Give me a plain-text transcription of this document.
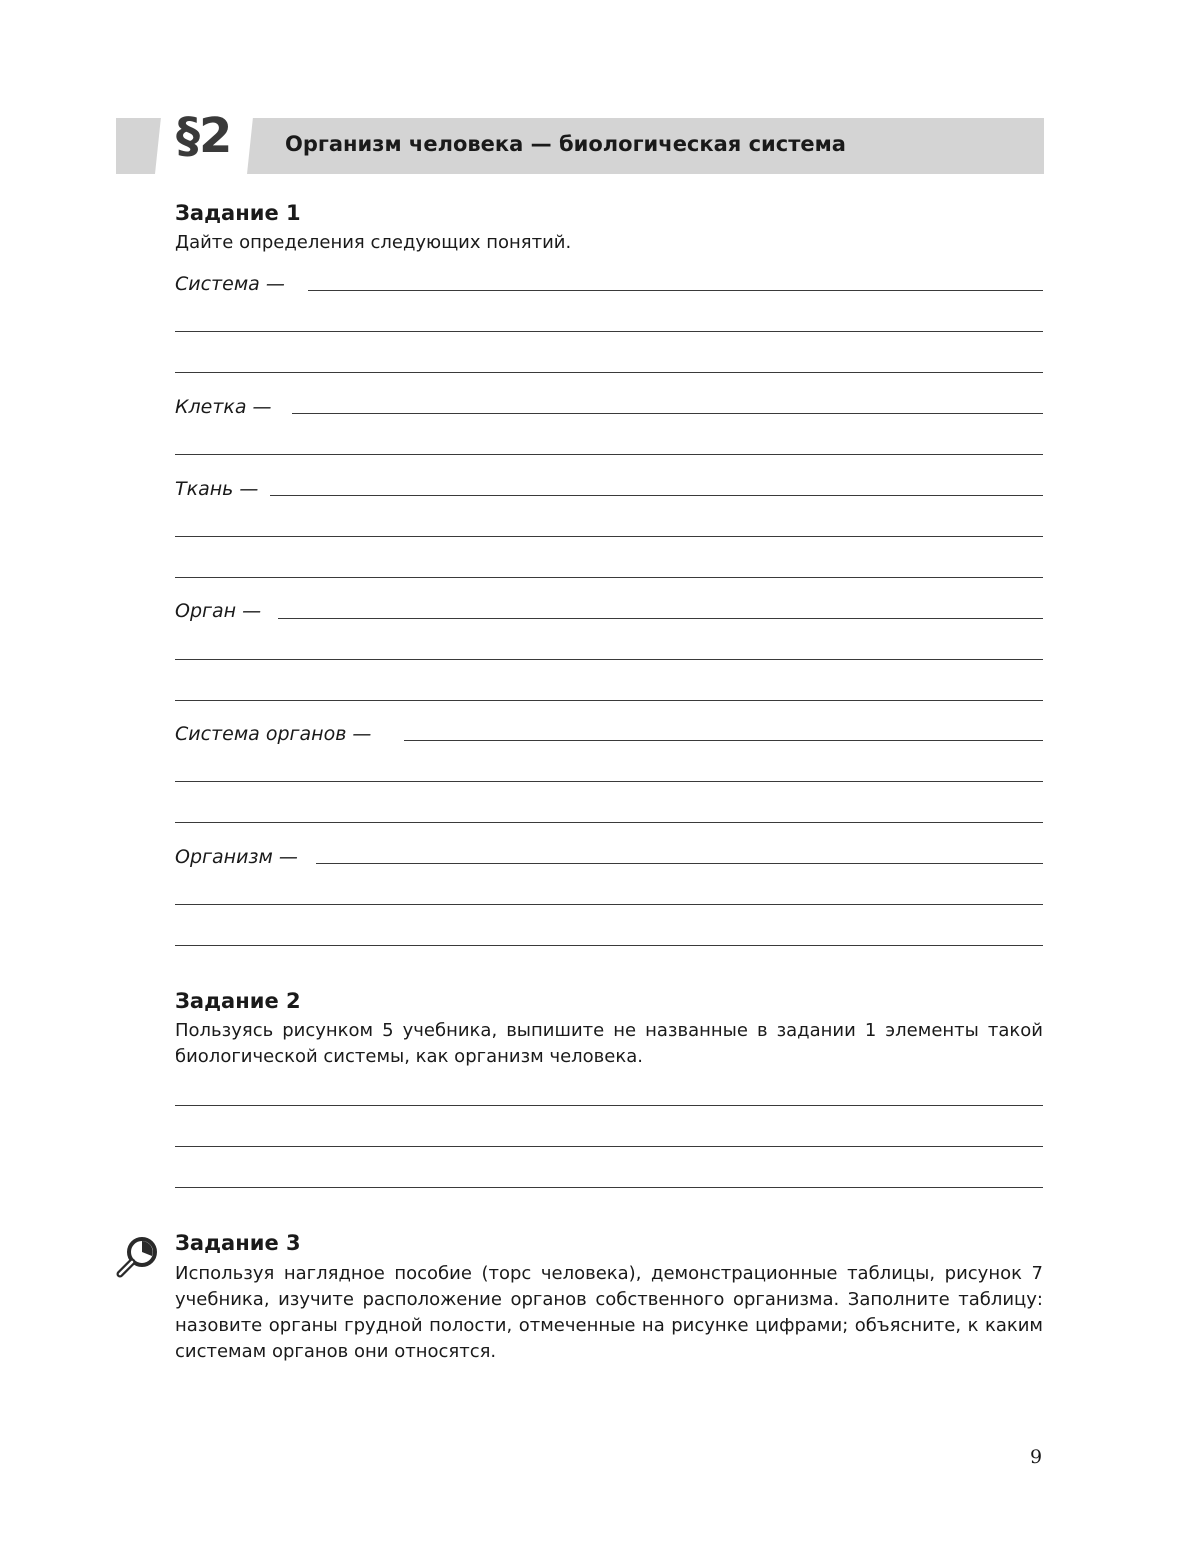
§2	Организм человека — биологическая система
Задание 1
Дайте определения следующих понятий.
Система —
Клетка —
Ткань —
Орган —
Система органов —
Организм —
Задание 2
Пользуясь рисунком 5 учебника, выпишите не названные в задании 1 элементы такой биологической системы, как организм человека.
Задание 3
Используя наглядное пособие (торс человека), демонстрационные таблицы, рисунок 7 учебника, изучите расположение органов собственного организма. Заполните таблицу: назовите органы грудной полости, отмеченные на рисунке цифрами; объясните, к каким системам органов они относятся.
9
